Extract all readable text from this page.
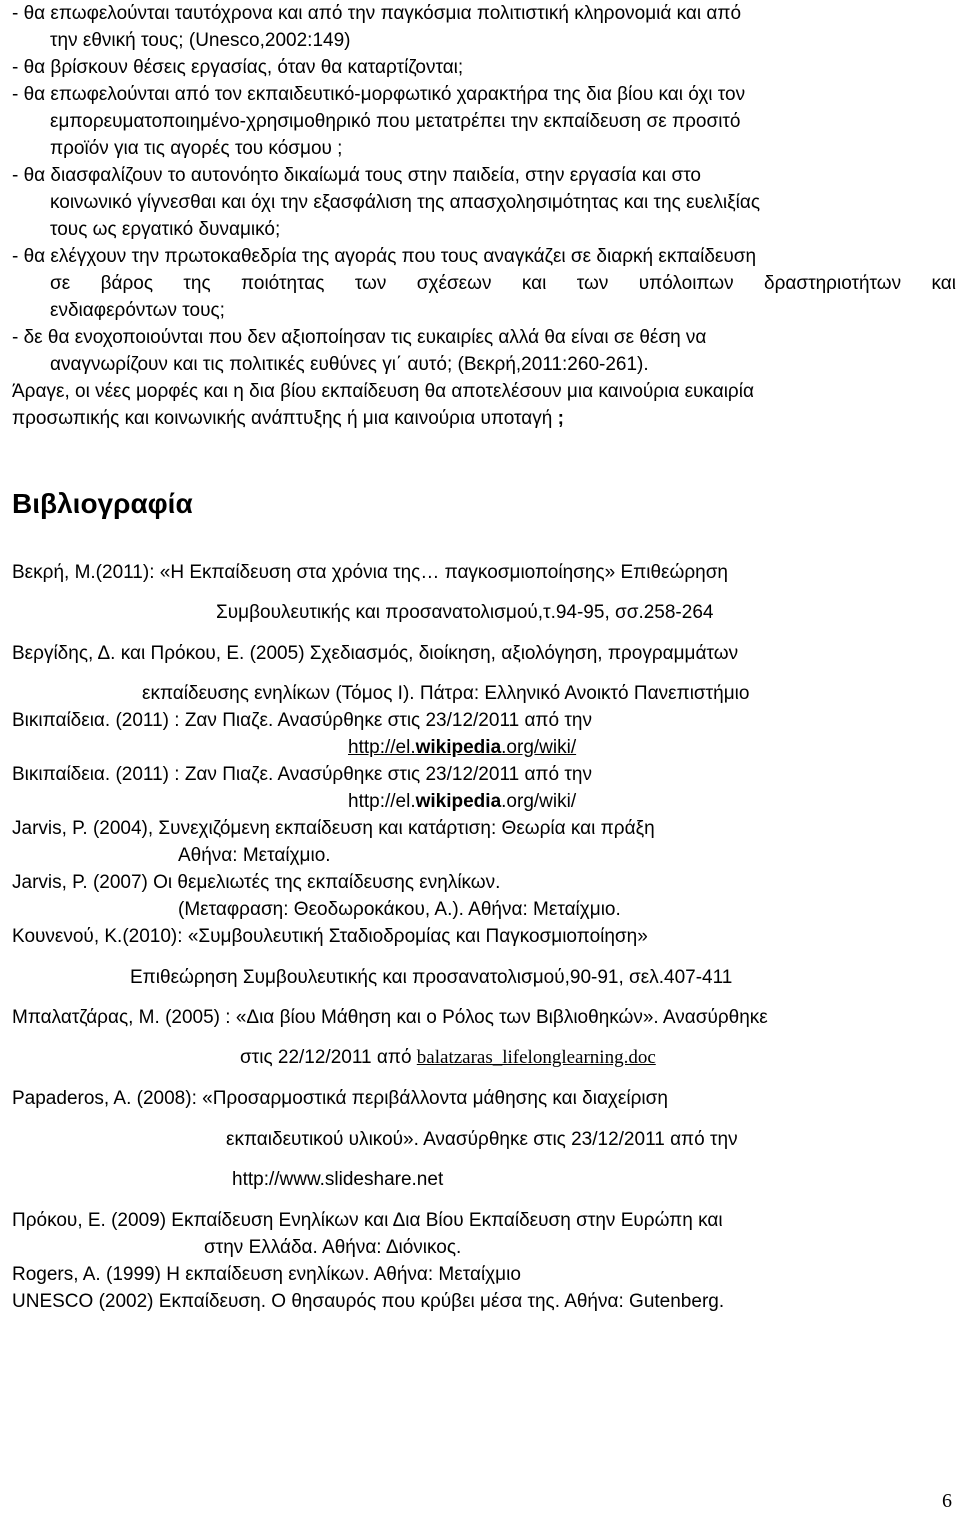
- θα επωφελούνται ταυτόχρονα και από την παγκόσμια πολιτιστική κληρονομιά και από
την εθνική τους; (Unesco,2002:149)
- θα βρίσκουν θέσεις εργασίας, όταν θα καταρτίζονται;
- θα επωφελούνται από τον εκπαιδευτικό-μορφωτικό χαρακτήρα της δια βίου και όχι τον
εμπορευματοποιημένο-χρησιμοθηρικό που μετατρέπει την εκπαίδευση σε προσιτό
προϊόν για τις αγορές του κόσμου ;
- θα διασφαλίζουν το αυτονόητο δικαίωμά τους στην παιδεία, στην εργασία και στο
κοινωνικό γίγνεσθαι και όχι την εξασφάλιση της απασχολησιμότητας και της ευελιξίας
τους ως εργατικό δυναμικό;
- θα ελέγχουν την πρωτοκαθεδρία της αγοράς που τους αναγκάζει σε διαρκή εκπαίδευση
σε βάρος της ποιότητας των σχέσεων και των υπόλοιπων δραστηριοτήτων και
ενδιαφερόντων τους;
- δε θα ενοχοποιούνται που δεν αξιοποίησαν τις ευκαιρίες αλλά θα είναι σε θέση να
αναγνωρίζουν και τις πολιτικές ευθύνες γι΄ αυτό; (Βεκρή,2011:260-261).
Άραγε, οι νέες μορφές και η δια βίου εκπαίδευση θα αποτελέσουν μια καινούρια ευκαιρία
προσωπικής και κοινωνικής ανάπτυξης ή μια καινούρια υποταγή ;
Βιβλιογραφία
Βεκρή, Μ.(2011): «Η Εκπαίδευση στα χρόνια της… παγκοσμιοποίησης» Επιθεώρηση
Συμβουλευτικής και προσανατολισμού,τ.94-95, σσ.258-264
Βεργίδης, Δ. και Πρόκου, Ε. (2005) Σχεδιασμός, διοίκηση, αξιολόγηση, προγραμμάτων
εκπαίδευσης ενηλίκων (Τόμος Ι). Πάτρα: Ελληνικό Ανοικτό Πανεπιστήμιο
Βικιπαίδεια. (2011) : Ζαν Πιαζε. Ανασύρθηκε στις 23/12/2011 από την
http://el.wikipedia.org/wiki/
Βικιπαίδεια. (2011) : Ζαν Πιαζε. Ανασύρθηκε στις 23/12/2011 από την
http://el.wikipedia.org/wiki/
Jarvis, P. (2004), Συνεχιζόμενη εκπαίδευση και κατάρτιση: Θεωρία και πράξη
Αθήνα: Μεταίχμιο.
Jarvis, P. (2007) Οι θεμελιωτές της εκπαίδευσης ενηλίκων.
(Μεταφραση: Θεοδωροκάκου, Α.). Αθήνα: Μεταίχμιο.
Κουνενού, Κ.(2010): «Συμβουλευτική Σταδιοδρομίας και Παγκοσμιοποίηση»
Επιθεώρηση Συμβουλευτικής και προσανατολισμού,90-91, σελ.407-411
Μπαλατζάρας, Μ. (2005) : «Δια βίου Μάθηση και ο Ρόλος των Βιβλιοθηκών». Ανασύρθηκε
στις 22/12/2011 από balatzaras_lifelonglearning.doc
Papaderos, A. (2008): «Προσαρμοστικά περιβάλλοντα μάθησης και διαχείριση
εκπαιδευτικού υλικού». Ανασύρθηκε στις 23/12/2011 από την
http://www.slideshare.net
Πρόκου, Ε. (2009) Εκπαίδευση Ενηλίκων και Δια Βίου Εκπαίδευση στην Ευρώπη και
στην Ελλάδα. Αθήνα: Διόνικος.
Rogers, A. (1999) Η εκπαίδευση ενηλίκων. Αθήνα: Μεταίχμιο
UNESCO (2002) Εκπαίδευση. Ο θησαυρός που κρύβει μέσα της. Αθήνα: Gutenberg.
6
